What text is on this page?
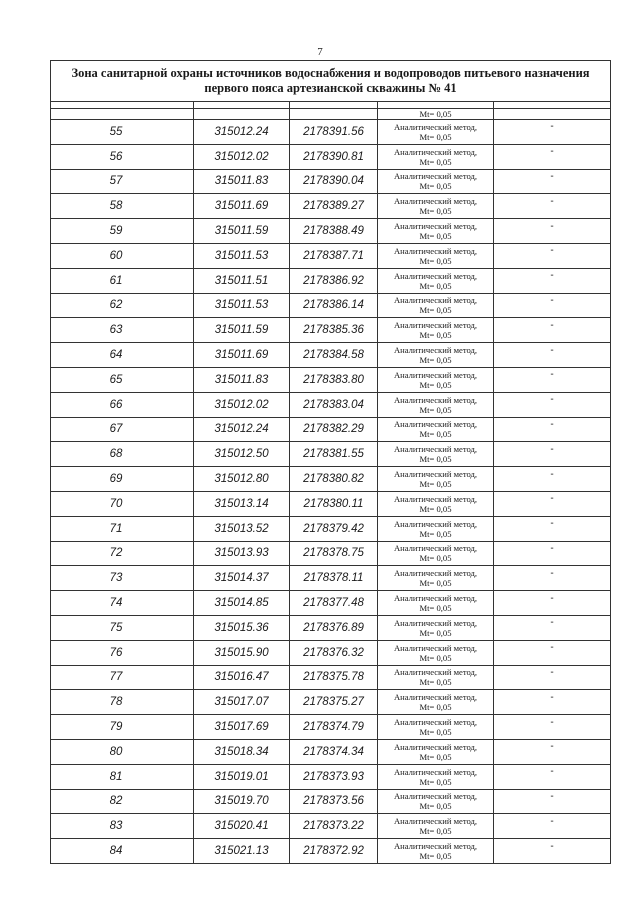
7
Зона санитарной охраны источников водоснабжения и водопроводов питьевого назначения
первого пояса артезианской скважины № 41				

			Mt= 0,05	

55	315012.24	2178391.56	Аналитический метод,
Mt= 0,05	-
56	315012.02	2178390.81	Аналитический метод,
Mt= 0,05	-
57	315011.83	2178390.04	Аналитический метод,
Mt= 0,05	-
58	315011.69	2178389.27	Аналитический метод,
Mt= 0,05	-
59	315011.59	2178388.49	Аналитический метод,
Mt= 0,05	-
60	315011.53	2178387.71	Аналитический метод,
Mt= 0,05	-
61	315011.51	2178386.92	Аналитический метод,
Mt= 0,05	-
62	315011.53	2178386.14	Аналитический метод,
Mt= 0,05	-
63	315011.59	2178385.36	Аналитический метод,
Mt= 0,05	-
64	315011.69	2178384.58	Аналитический метод,
Mt= 0,05	-
65	315011.83	2178383.80	Аналитический метод,
Mt= 0,05	-
66	315012.02	2178383.04	Аналитический метод,
Mt= 0,05	-
67	315012.24	2178382.29	Аналитический метод,
Mt= 0,05	-
68	315012.50	2178381.55	Аналитический метод,
Mt= 0,05	-
69	315012.80	2178380.82	Аналитический метод,
Mt= 0,05	-
70	315013.14	2178380.11	Аналитический метод,
Mt= 0,05	-
71	315013.52	2178379.42	Аналитический метод,
Mt= 0,05	-
72	315013.93	2178378.75	Аналитический метод,
Mt= 0,05	-
73	315014.37	2178378.11	Аналитический метод,
Mt= 0,05	-
74	315014.85	2178377.48	Аналитический метод,
Mt= 0,05	-
75	315015.36	2178376.89	Аналитический метод,
Mt= 0,05	-
76	315015.90	2178376.32	Аналитический метод,
Mt= 0,05	-
77	315016.47	2178375.78	Аналитический метод,
Mt= 0,05	-
78	315017.07	2178375.27	Аналитический метод,
Mt= 0,05	-
79	315017.69	2178374.79	Аналитический метод,
Mt= 0,05	-
80	315018.34	2178374.34	Аналитический метод,
Mt= 0,05	-
81	315019.01	2178373.93	Аналитический метод,
Mt= 0,05	-
82	315019.70	2178373.56	Аналитический метод,
Mt= 0,05	-
83	315020.41	2178373.22	Аналитический метод,
Mt= 0,05	-
84	315021.13	2178372.92	Аналитический метод,
Mt= 0,05	-
